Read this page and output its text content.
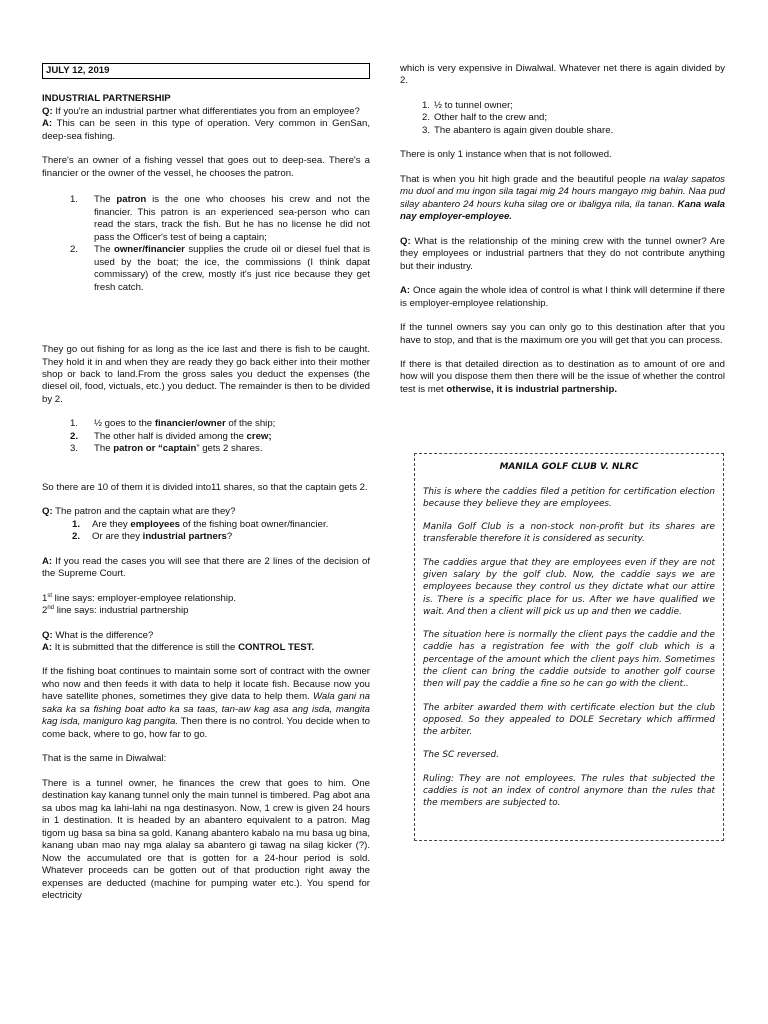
JULY 12, 2019

INDUSTRIAL PARTNERSHIP

Q: If you're an industrial partner what differentiates you from an employee?

A: This can be seen in this type of operation. Very common in GenSan, deep-sea fishing.

There's an owner of a fishing vessel that goes out to deep-sea. There's a financier or the owner of the vessel, he chooses the patron.

1. The patron is the one who chooses his crew and not the financier. This patron is an experienced sea-person who can read the stars, track the fish. But he has no license he did not pass the Officer's test of being a captain;
2. The owner/financier supplies the crude oil or diesel fuel that is used by the boat; the ice, the commissions (I think dapat commissary) of the crew, mostly it's just rice because they get fresh catch.

They go out fishing for as long as the ice last and there is fish to be caught. They hold it in and when they are ready they go back either into their mother shop or back to land.From the gross sales you deduct the expenses (the diesel oil, food, victuals, etc.) you deduct. The remainder is then to be divided by 2.

1. ½ goes to the financier/owner of the ship;
2. The other half is divided among the crew;
3. The patron or “captain” gets 2 shares.

So there are 10 of them it is divided into11 shares, so that the captain gets 2.

Q: The patron and the captain what are they?

1. Are they employees of the fishing boat owner/financier.
2. Or are they industrial partners?

A: If you read the cases you will see that there are 2 lines of the decision of the Supreme Court.

1st line says: employer-employee relationship.
2nd line says: industrial partnership

Q: What is the difference?

A: It is submitted that the difference is still the CONTROL TEST.

If the fishing boat continues to maintain some sort of contract with the owner who now and then feeds it with data to help it locate fish. Because now you have satellite phones, sometimes they give data to help them. Wala gani na saka ka sa fishing boat adto ka sa taas, tan-aw kag asa ang isda, mangita kag isda, maniguro kag pangita. Then there is no control. You decide when to come back, where to go, how far to go.

That is the same in Diwalwal:

There is a tunnel owner, he finances the crew that goes to him. One destination kay kanang tunnel only the main tunnel is timbered. Pag abot ana sa ubos mag ka lahi-lahi na nga destinasyon. Now, 1 crew is given 24 hours in 1 destination. It is headed by an abantero equivalent to a patron. Mag tigom ug basa sa bina sa gold. Kanang abantero kabalo na mu basa ug bina, kanang uban mao nay mga alalay sa abantero gi tawag na silag kicker (?). Now the accumulated ore that is gotten for a 24-hour period is sold. Whatever proceeds can be gotten out of that production right away the expenses are deducted (machine for pumping water etc.). You spend for electricity

which is very expensive in Diwalwal. Whatever net there is again divided by 2.

1. ½ to tunnel owner;
2. Other half to the crew and;
3. The abantero is again given double share.

There is only 1 instance when that is not followed.

That is when you hit high grade and the beautiful people na walay sapatos mu duol and mu ingon sila tagai mig 24 hours mangayo mig bahin. Naa pud silay abantero 24 hours kuha silag ore or ibaligya nila, ila tanan. Kana wala nay employer-employee.

Q: What is the relationship of the mining crew with the tunnel owner? Are they employees or industrial partners that they do not contribute anything but their industry.

A: Once again the whole idea of control is what I think will determine if there is employer-employee relationship.

If the tunnel owners say you can only go to this destination after that you have to stop, and that is the maximum ore you will get that you can process.

If there is that detailed direction as to destination as to amount of ore and how will you dispose them then there will be the issue of whether the control test is met otherwise, it is industrial partnership.

MANILA GOLF CLUB V. NLRC

This is where the caddies filed a petition for certification election because they believe they are employees.

Manila Golf Club is a non-stock non-profit but its shares are transferable therefore it is considered as security.

The caddies argue that they are employees even if they are not given salary by the golf club. Now, the caddie says we are employees because they control us they dictate what our attire is. There is a specific place for us. After we have qualified we wait. And then a client will pick us up and then we caddie.

The situation here is normally the client pays the caddie and the caddie has a registration fee with the golf club which is a percentage of the amount which the client pays him. Sometimes the client can bring the caddie outside to another golf course then will pay the caddie a fine so he can go with the client..

The arbiter awarded them with certificate election but the club opposed. So they appealed to DOLE Secretary which affirmed the arbiter.

The SC reversed.

Ruling: They are not employees. The rules that subjected the caddies is not an index of control anymore than the rules that the members are subjected to.
